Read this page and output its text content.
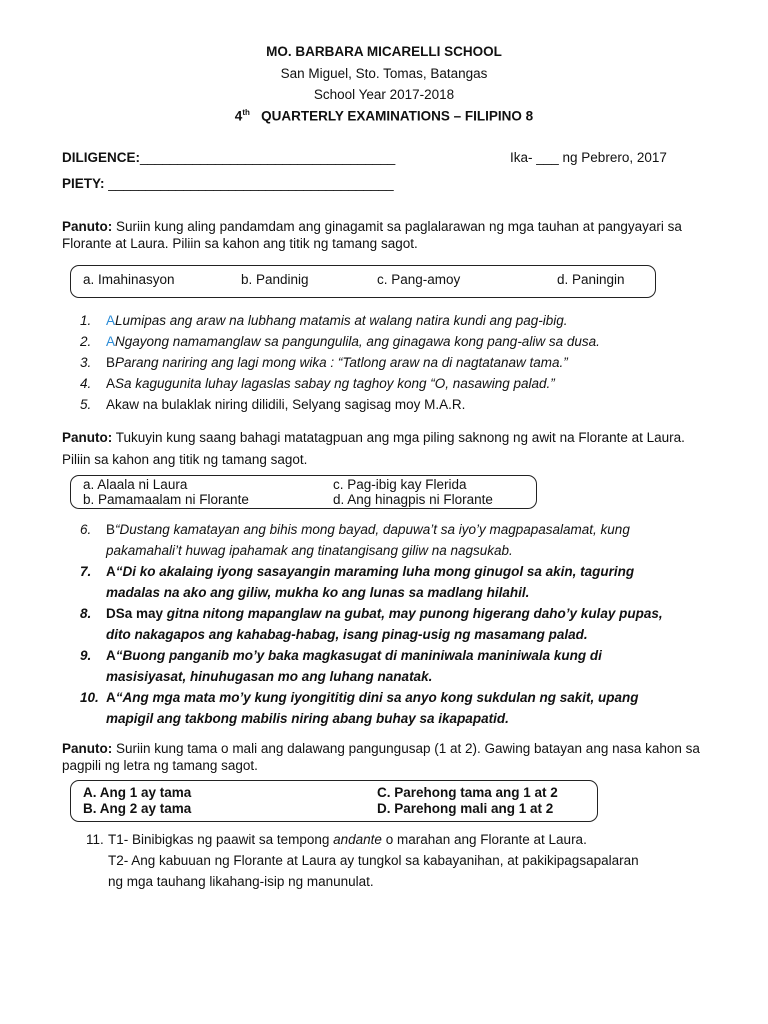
MO. BARBARA MICARELLI SCHOOL
San Miguel, Sto. Tomas, Batangas
School Year 2017-2018
4th QUARTERLY EXAMINATIONS – FILIPINO 8
DILIGENCE:__________________________________	Ika- ___ ng Pebrero, 2017
PIETY: ______________________________________
Panuto: Suriin kung aling pandamdam ang ginagamit sa paglalarawan ng mga tauhan at pangyayari sa Florante at Laura. Piliin sa kahon ang titik ng tamang sagot.
a. Imahinasyon	b. Pandinig	c. Pang-amoy	d. Paningin
1. ALumipas ang araw na lubhang matamis at walang natira kundi ang pag-ibig.
2. ANgayong namamanglaw sa pangungulila, ang ginagawa kong pang-aliw sa dusa.
3. BParang nariring ang lagi mong wika : “Tatlong araw na di nagtatanaw tama.”
4. ASa kagugunita luhay lagaslas sabay ng taghoy kong “O, nasawing palad.”
5. Akaw na bulaklak niring dilidili, Selyang sagisag moy M.A.R.
Panuto: Tukuyin kung saang bahagi matatagpuan ang mga piling saknong ng awit na Florante at Laura. Piliin sa kahon ang titik ng tamang sagot.
a. Alaala ni Laura
b. Pamamaalam ni Florante
c. Pag-ibig kay Flerida
d. Ang hinagpis ni Florante
6. B“Dustang kamatayan ang bihis mong bayad, dapuwa’t sa iyo’y magpapasalamat, kung
pakamahali’t huwag ipahamak ang tinatangisang giliw na nagsukab.
7. A“Di ko akalaing iyong sasayangin maraming luha mong ginugol sa akin, taguring
madalas na ako ang giliw, mukha ko ang lunas sa madlang hilahil.
8. DSa may gitna nitong mapanglaw na gubat, may punong higerang daho’y kulay pupas,
dito nakagapos ang kahabag-habag, isang pinag-usig ng masamang palad.
9. A“Buong panganib mo’y baka magkasugat di maniniwala maniniwala kung di
masisiyasat, hinuhugasan mo ang luhang nanatak.
10. A“Ang mga mata mo’y kung iyongititig dini sa anyo kong sukdulan ng sakit, upang
mapigil ang takbong mabilis niring abang buhay sa ikapapatid.
Panuto: Suriin kung tama o mali ang dalawang pangungusap (1 at 2). Gawing batayan ang nasa kahon sa pagpili ng letra ng tamang sagot.
A. Ang 1 ay tama
B. Ang 2 ay tama
C. Parehong tama ang 1 at 2
D. Parehong mali ang 1 at 2
11. T1- Binibigkas ng paawit sa tempong andante o marahan ang Florante at Laura.
T2- Ang kabuuan ng Florante at Laura ay tungkol sa kabayanihan, at pakikipagsapalaran
ng mga tauhang likahang-isip ng manunulat.
